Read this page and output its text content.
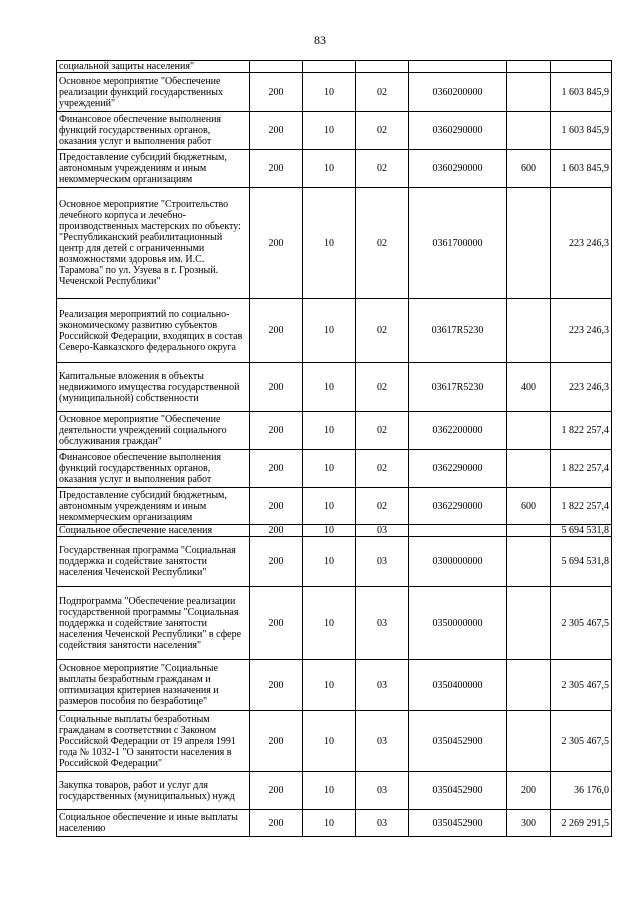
83
социальной защиты населения"						
Основное мероприятие "Обеспечение реализации функций государственных учреждений"	200	10	02	0360200000		1 603 845,9
Финансовое обеспечение выполнения функций государственных органов, оказания услуг и выполнения работ	200	10	02	0360290000		1 603 845,9
Предоставление субсидий бюджетным, автономным учреждениям и иным некоммерческим организациям	200	10	02	0360290000	600	1 603 845,9
Основное мероприятие "Строительство лечебного корпуса и лечебно-производственных мастерских по объекту: "Республиканский реабилитационный центр для детей с ограниченными возможностями здоровья им. И.С. Тарамова" по ул. Узуева в г. Грозный. Чеченской Республики"	200	10	02	0361700000		223 246,3
Реализация мероприятий по социально-экономическому развитию субъектов Российской Федерации, входящих в состав Северо-Кавказского федерального округа	200	10	02	03617R5230		223 246,3
Капитальные вложения в объекты недвижимого имущества государственной (муниципальной) собственности	200	10	02	03617R5230	400	223 246,3
Основное мероприятие "Обеспечение деятельности учреждений социального обслуживания граждан"	200	10	02	0362200000		1 822 257,4
Финансовое обеспечение выполнения функций государственных органов, оказания услуг и выполнения работ	200	10	02	0362290000		1 822 257,4
Предоставление субсидий бюджетным, автономным учреждениям и иным некоммерческим организациям	200	10	02	0362290000	600	1 822 257,4
Социальное обеспечение населения	200	10	03			5 694 531,8
Государственная программа "Социальная поддержка и содействие занятости населения Чеченской Республики"	200	10	03	0300000000		5 694 531,8
Подпрограмма "Обеспечение реализации государственной программы "Социальная поддержка и содействие занятости населения Чеченской Республики" в сфере содействия занятости населения"	200	10	03	0350000000		2 305 467,5
Основное мероприятие "Социальные выплаты безработным гражданам и оптимизация критериев назначения и размеров пособия по безработице"	200	10	03	0350400000		2 305 467,5
Социальные выплаты безработным гражданам в соответствии с Законом Российской Федерации от 19 апреля 1991 года № 1032-1 "О занятости населения в Российской Федерации"	200	10	03	0350452900		2 305 467,5
Закупка товаров, работ и услуг для государственных (муниципальных) нужд	200	10	03	0350452900	200	36 176,0
Социальное обеспечение и иные выплаты населению	200	10	03	0350452900	300	2 269 291,5
